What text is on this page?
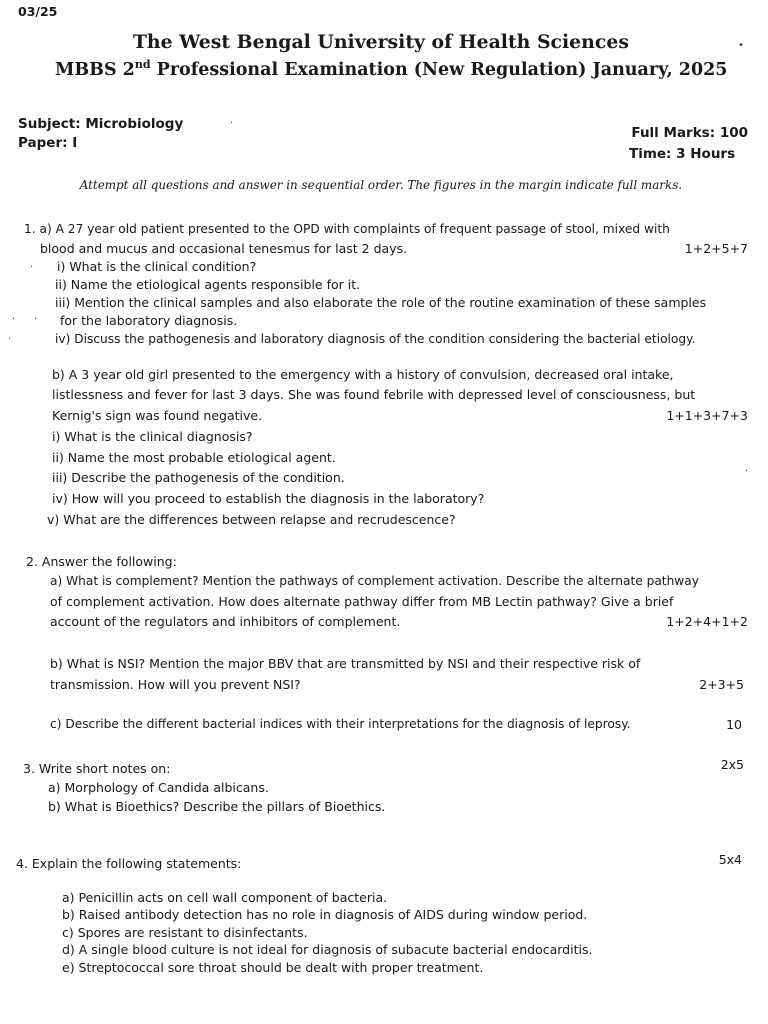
03/25
The West Bengal University of Health Sciences
MBBS 2nd Professional Examination (New Regulation) January, 2025
Subject: Microbiology
Paper: I
Full Marks: 100
Time: 3 Hours
Attempt all questions and answer in sequential order. The figures in the margin indicate full marks.
1. a) A 27 year old patient presented to the OPD with complaints of frequent passage of stool, mixed with
blood and mucus and occasional tenesmus for last 2 days.	1+2+5+7
i) What is the clinical condition?
ii) Name the etiological agents responsible for it.
iii) Mention the clinical samples and also elaborate the role of the routine examination of these samples
for the laboratory diagnosis.
iv) Discuss the pathogenesis and laboratory diagnosis of the condition considering the bacterial etiology.
b) A 3 year old girl presented to the emergency with a history of convulsion, decreased oral intake,
listlessness and fever for last 3 days. She was found febrile with depressed level of consciousness, but
Kernig's sign was found negative.	1+1+3+7+3
i) What is the clinical diagnosis?
ii) Name the most probable etiological agent.
iii) Describe the pathogenesis of the condition.
iv) How will you proceed to establish the diagnosis in the laboratory?
v) What are the differences between relapse and recrudescence?
2. Answer the following:
a) What is complement? Mention the pathways of complement activation. Describe the alternate pathway
of complement activation. How does alternate pathway differ from MB Lectin pathway? Give a brief
account of the regulators and inhibitors of complement.	1+2+4+1+2
b) What is NSI? Mention the major BBV that are transmitted by NSI and their respective risk of
transmission. How will you prevent NSI?	2+3+5
c) Describe the different bacterial indices with their interpretations for the diagnosis of leprosy.	10
3. Write short notes on:	2x5
a) Morphology of Candida albicans.
b) What is Bioethics? Describe the pillars of Bioethics.
4. Explain the following statements:	5x4
a) Penicillin acts on cell wall component of bacteria.
b) Raised antibody detection has no role in diagnosis of AIDS during window period.
c) Spores are resistant to disinfectants.
d) A single blood culture is not ideal for diagnosis of subacute bacterial endocarditis.
e) Streptococcal sore throat should be dealt with proper treatment.
•
·
·
· ·
·
·
